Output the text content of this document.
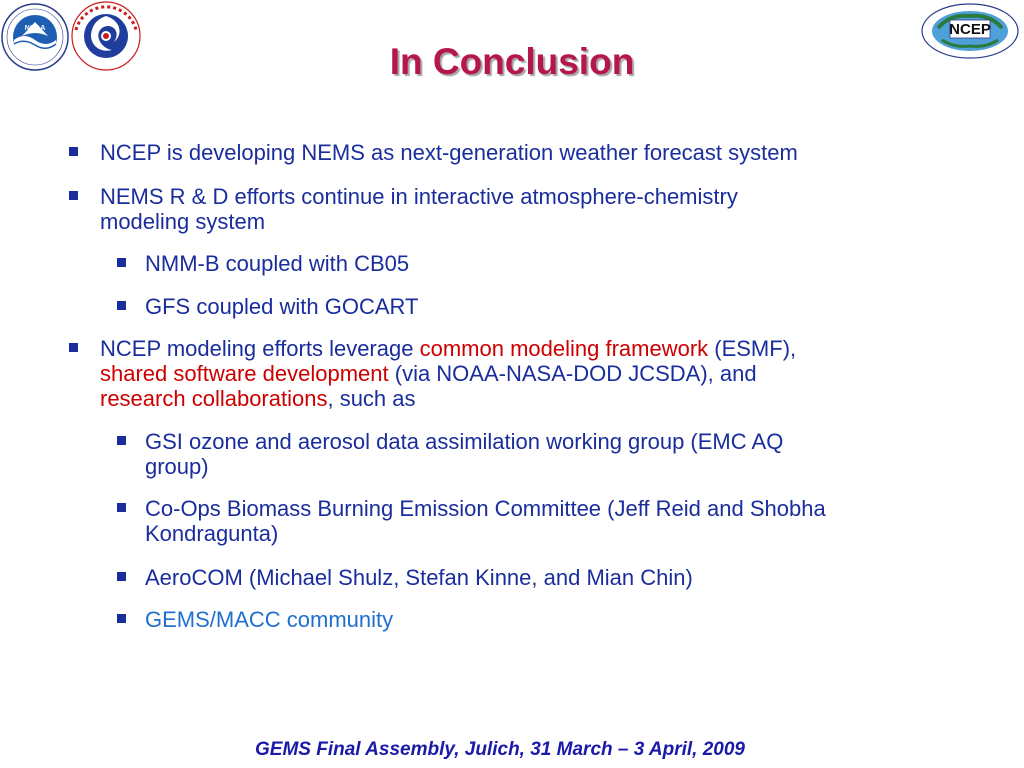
NOAA	NCEP
In Conclusion
NCEP is developing NEMS as next-generation weather forecast system
NEMS R & D efforts continue in interactive atmosphere-chemistry
modeling system
NMM-B coupled with CB05
GFS coupled with GOCART
NCEP modeling efforts leverage common modeling framework (ESMF),
shared software development (via NOAA-NASA-DOD JCSDA), and
research collaborations, such as
GSI ozone and aerosol data assimilation working group (EMC AQ
group)
Co-Ops Biomass Burning Emission Committee (Jeff Reid and Shobha
Kondragunta)
AeroCOM (Michael Shulz, Stefan Kinne, and Mian Chin)
GEMS/MACC community
GEMS Final Assembly, Julich, 31 March – 3 April, 2009
